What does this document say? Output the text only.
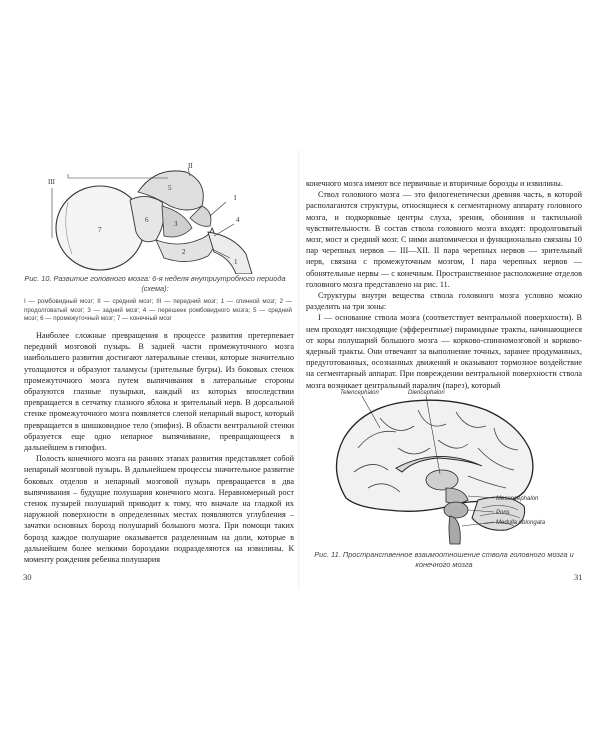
II
III
I
7
6
5
4
3
2
1

Рис. 10. Развитие головного мозга: 6-я неделя внутриутробного периода (схема):

I — ромбовидный мозг; II — средний мозг; III — передний мозг; 1 — спинной мозг; 2 — продолговатый мозг; 3 — задний мозг; 4 — перешеек ромбовидного мозга; 5 — средний мозг; 6 — промежуточный мозг; 7 — конечный мозг

Наиболее сложные превращения в процессе развития претерпевает передний мозговой пузырь. В задней части промежуточного мозга наибольшего развития достигают латеральные стенки, которые значительно утолщаются и образуют таламусы (зрительные бугры). Из боковых стенок промежуточного мозга путем выпячивания в латеральные стороны образуются глазные пузырьки, каждый из которых впоследствии превращается в сетчатку глазного яблока и зрительный нерв. В дорсальной стенке промежуточного мозга появляется слепой непарный вырост, который превращается в шишковидное тело (эпифиз). В области вентральной стенки образуется еще одно непарное выпячивание, превращающееся в дальнейшем в гипофиз.

Полость конечного мозга на ранних этапах развития представляет собой непарный мозговой пузырь. В дальнейшем процессы значительное развитие боковых отделов и непарный мозговой пузырь превращается в два выпячивания – будущие полушария конечного мозга. Неравномерный рост стенок пузырей полушарий приводит к тому, что вначале на гладкой их наружной поверхности в определенных местах появляются углубления – зачатки основных борозд полушарий большого мозга. При помощи таких борозд каждое полушарие оказывается разделенным на доли, которые в дальнейшем более мелкими бороздами подразделяются на извилины. К моменту рождения ребенка полушария

конечного мозга имеют все первичные и вторичные борозды и извилины.

Ствол головного мозга — это филогенетически древняя часть, в которой располагаются структуры, относящиеся к сегментарному аппарату головного мозга, и подкорковые центры слуха, зрения, обоняния и тактильной чувствительности. В состав ствола головного мозга входят: продолговатый мозг, мост и средний мозг. С ними анатомически и функционально связаны 10 пар черепных нервов — III—XII. II пара черепных нервов — зрительный нерв, связана с промежуточным мозгом, I пара черепных нервов — обонятельные нервы — с конечным. Пространственное расположение отделов головного мозга представлено на рис. 11.

Структуры внутри вещества ствола головного мозга условно можно разделить на три зоны:

I — основание ствола мозга (соответствует вентральной поверхности). В нем проходят нисходящие (эфферентные) пирамидные тракты, начинающиеся от коры полушарий большого мозга — корково-спинномозговой и корково-ядерный тракты. Они отвечают за выполнение точных, заранее продуманных, предуготованных, осознанных движений и оказывают тормозное воздействие на сегментарный аппарат. При повреждении вентральной поверхности ствола мозга возникает центральный паралич (парез), который

Telencephalon	Diencephalon
Mesencephalon
Pons
Medulla oblongata

Рис. 11. Пространственное взаимоотношение ствола головного мозга и конечного мозга

30	31
